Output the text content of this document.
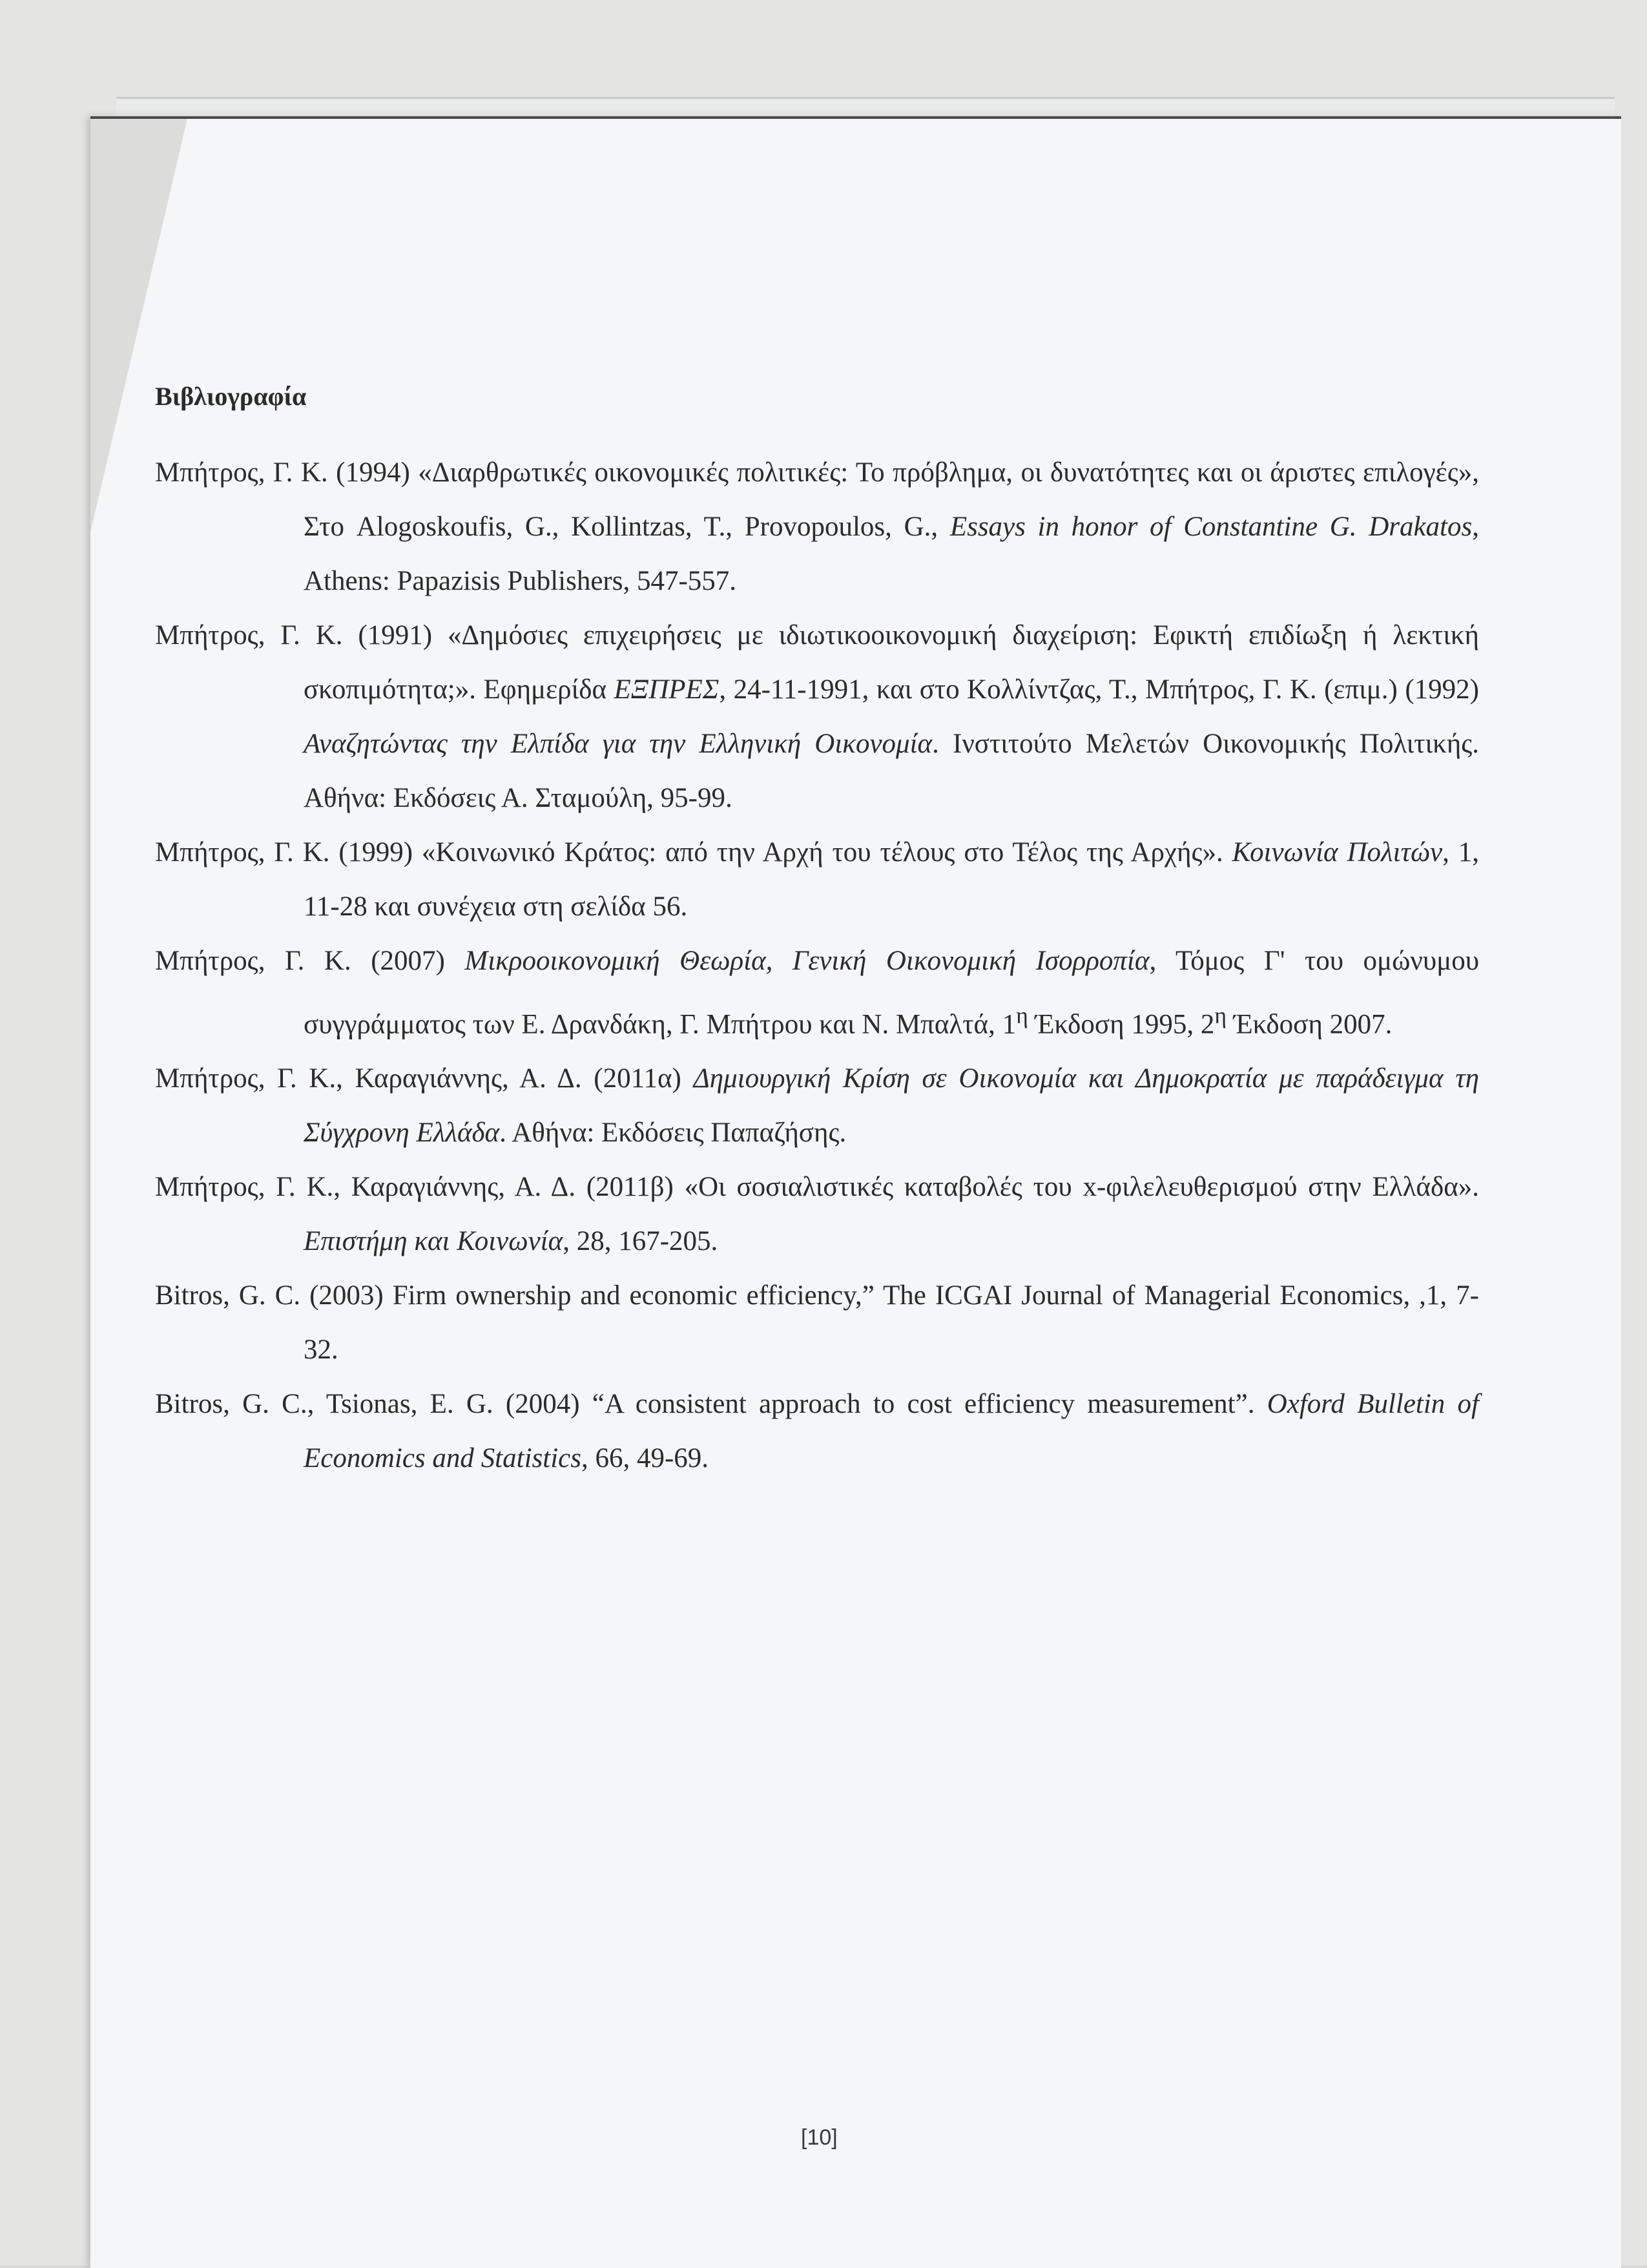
Βιβλιογραφία
Μπήτρος, Γ. Κ. (1994) «Διαρθρωτικές οικονομικές πολιτικές: Το πρόβλημα, οι δυνατότητες και οι άριστες επιλογές», Στο Alogoskoufis, G., Kollintzas, T., Provopoulos, G., Essays in honor of Constantine G. Drakatos, Athens: Papazisis Publishers, 547-557.
Μπήτρος, Γ. Κ. (1991) «Δημόσιες επιχειρήσεις με ιδιωτικοοικονομική διαχείριση: Εφικτή επιδίωξη ή λεκτική σκοπιμότητα;». Εφημερίδα ΕΞΠΡΕΣ, 24-11-1991, και στο Κολλίντζας, Τ., Μπήτρος, Γ. Κ. (επιμ.) (1992) Αναζητώντας την Ελπίδα για την Ελληνική Οικονομία. Ινστιτούτο Μελετών Οικονομικής Πολιτικής. Αθήνα: Εκδόσεις Α. Σταμούλη, 95-99.
Μπήτρος, Γ. Κ. (1999) «Κοινωνικό Κράτος: από την Αρχή του τέλους στο Τέλος της Αρχής». Κοινωνία Πολιτών, 1, 11-28 και συνέχεια στη σελίδα 56.
Μπήτρος, Γ. Κ. (2007) Μικροοικονομική Θεωρία, Γενική Οικονομική Ισορροπία, Τόμος Γ' του ομώνυμου συγγράμματος των Ε. Δρανδάκη, Γ. Μπήτρου και Ν. Μπαλτά, $1^\eta$ Έκδοση 1995, $2^\eta$ Έκδοση 2007.
Μπήτρος, Γ. Κ., Καραγιάννης, Α. Δ. (2011α) Δημιουργική Κρίση σε Οικονομία και Δημοκρατία με παράδειγμα τη Σύγχρονη Ελλάδα. Αθήνα: Εκδόσεις Παπαζήσης.
Μπήτρος, Γ. Κ., Καραγιάννης, Α. Δ. (2011β) «Οι σοσιαλιστικές καταβολές του x-φιλελευθερισμού στην Ελλάδα». Επιστήμη και Κοινωνία, 28, 167-205.
Bitros, G. C. (2003) Firm ownership and economic efficiency,” The ICGAI Journal of Managerial Economics, ,1, 7-32.
Bitros, G. C., Tsionas, E. G. (2004) “A consistent approach to cost efficiency measurement”. Oxford Bulletin of Economics and Statistics, 66, 49-69.
[10]
